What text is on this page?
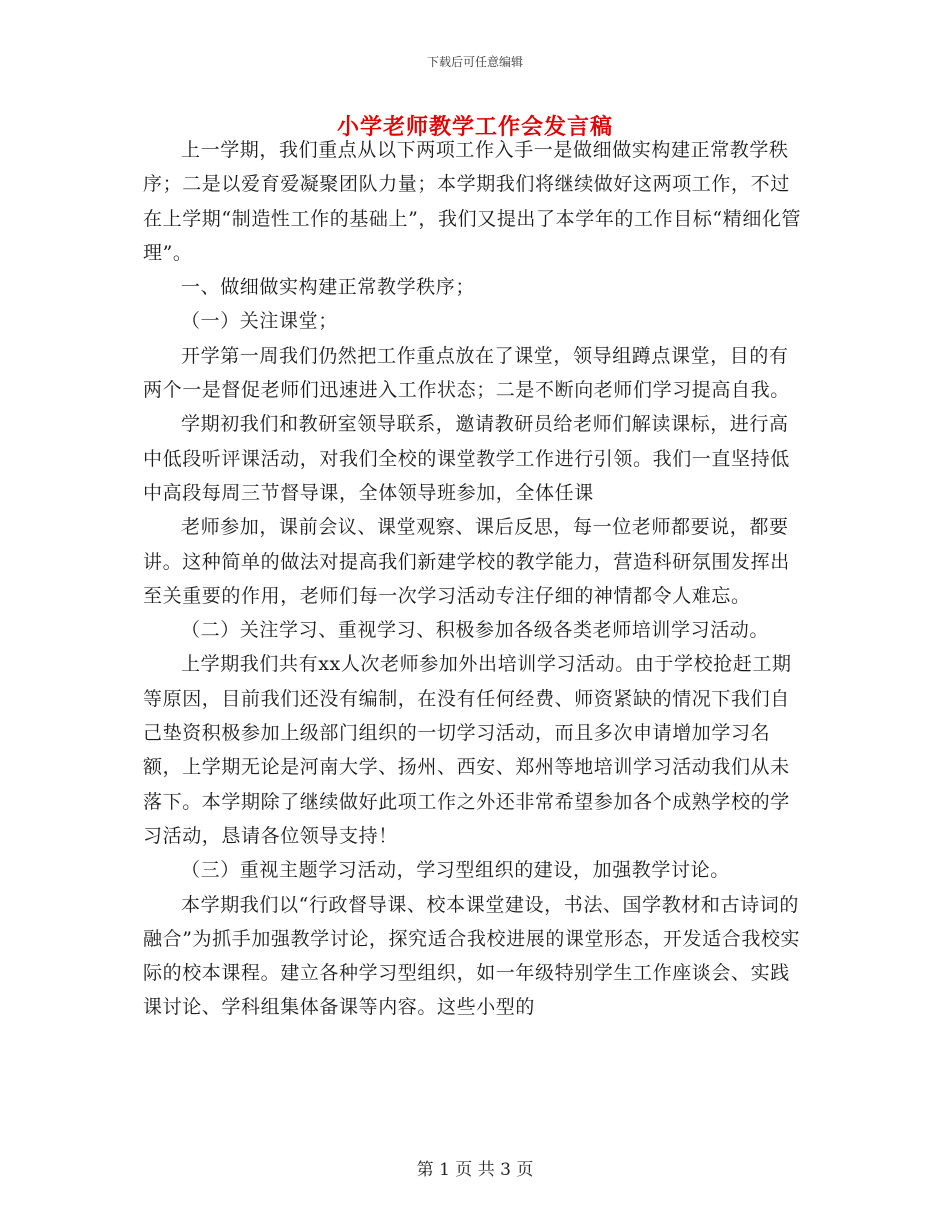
下载后可任意编辑
小学老师教学工作会发言稿

上一学期，我们重点从以下两项工作入手一是做细做实构建正常教学秩序；二是以爱育爱凝聚团队力量；本学期我们将继续做好这两项工作，不过在上学期“制造性工作的基础上”，我们又提出了本学年的工作目标“精细化管理”。

一、做细做实构建正常教学秩序；

（一）关注课堂；

开学第一周我们仍然把工作重点放在了课堂，领导组蹲点课堂，目的有两个一是督促老师们迅速进入工作状态；二是不断向老师们学习提高自我。

学期初我们和教研室领导联系，邀请教研员给老师们解读课标，进行高中低段听评课活动，对我们全校的课堂教学工作进行引领。我们一直坚持低中高段每周三节督导课，全体领导班参加，全体任课

老师参加，课前会议、课堂观察、课后反思，每一位老师都要说，都要讲。这种简单的做法对提高我们新建学校的教学能力，营造科研氛围发挥出至关重要的作用，老师们每一次学习活动专注仔细的神情都令人难忘。

（二）关注学习、重视学习、积极参加各级各类老师培训学习活动。

上学期我们共有xx人次老师参加外出培训学习活动。由于学校抢赶工期等原因，目前我们还没有编制，在没有任何经费、师资紧缺的情况下我们自己垫资积极参加上级部门组织的一切学习活动，而且多次申请增加学习名额，上学期无论是河南大学、扬州、西安、郑州等地培训学习活动我们从未落下。本学期除了继续做好此项工作之外还非常希望参加各个成熟学校的学习活动，恳请各位领导支持！

（三）重视主题学习活动，学习型组织的建设，加强教学讨论。

本学期我们以“行政督导课、校本课堂建设，书法、国学教材和古诗词的融合”为抓手加强教学讨论，探究适合我校进展的课堂形态，开发适合我校实际的校本课程。建立各种学习型组织，如一年级特别学生工作座谈会、实践课讨论、学科组集体备课等内容。这些小型的

第 1 页 共 3 页
